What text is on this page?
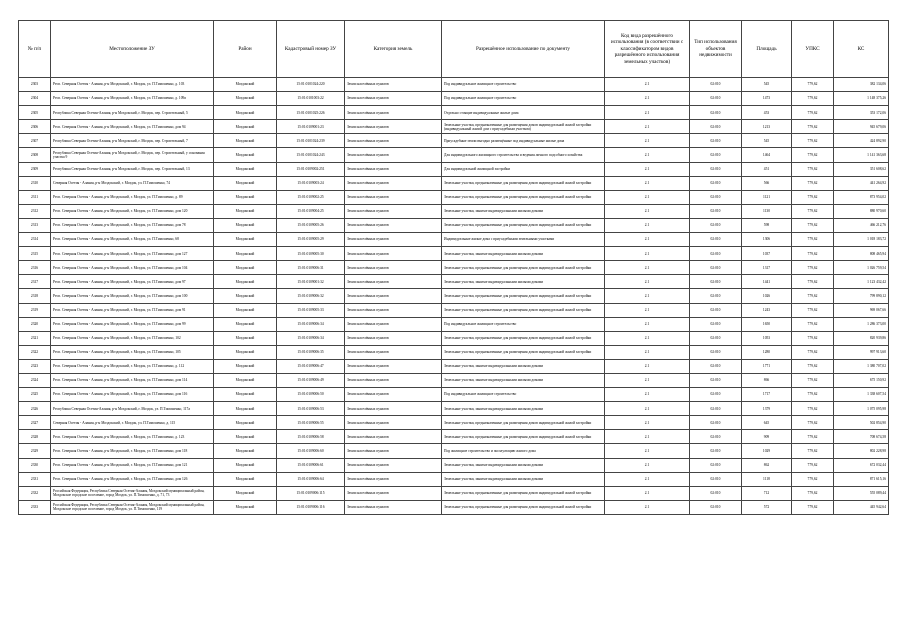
№ п/п	Местоположение ЗУ	Район	Кадастровый номер ЗУ	Категория земель	Разрешённое использование по документу	Код вида разрешённого использования (в соответствии с классификатором видов разрешённого использования земельных участков)	Тип использования объектов недвижимости	Площадь	УПКС	КС
2303	Респ. Северная Осетия - Алания, р-н Моздокский, г. Моздок, ул. П.Тимошенко, д. 103	Моздокский	15:01:0101024:220	Земли населённых пунктов	Под индивидуальное жилищное строительство	2.1	02:010	545	779,62	382 134,06
2304	Респ. Северная Осетия - Алания, р-н Моздокский, г. Моздок, ул. П.Тимошенко, д. 109а	Моздокский	15:01:0101003:22	Земли населённых пунктов	Под индивидуальное жилищное строительство	2.1	02:010	1473	779,62	1 148 375,26
2305	Республика Северная Осетия-Алания, р-н Моздокский, г. Моздок, пер. Строительный, 5	Моздокский	15:01:0101025:226	Земли населённых пунктов	Отдельно стоящие индивидуальные жилые дома	2.1	02:010	453	779,62	353 172,06
2306	Респ. Северная Осетия - Алания, р-н Моздокский, г. Моздок, ул. П.Тимошенко, дом 94	Моздокский	15:01:0109001:23	Земли населённых пунктов	Земельные участки, предназначенные для размещения домов индивидуальной жилой застройки (индивидуальный жилой дом с приусадебным участком)	2.1	02:010	1213	779,62	945 679,06
2307	Республика Северная Осетия-Алания, р-н Моздокский, г. Моздок, пер. Строительный, 7	Моздокский	15:01:0101024:239	Земли населённых пунктов	Приусадебные земли выгодно размещённые под индивидуальные жилые дома	2.1	02:010	545	779,62	424 892,90
2308	Республика Северная Осетия-Алания, р-н Моздокский, г. Моздок, пер. Строительный, у основания участка 9	Моздокский	15:01:0101024:243	Земли населённых пунктов	Для индивидуального жилищного строительства и ведения личного подсобного хозяйства	2.1	02:010	1464	779,62	1 141 363,68
2309	Республика Северная Осетия-Алания, р-н Моздокский, г. Моздок, пер. Строительный, 13	Моздокский	15:01:0109002:251	Земли населённых пунктов	Для индивидуальной жилищной застройки	2.1	02:010	451	779,62	351 608,62
2310	Северная Осетия - Алания, р-н Моздокский, г. Моздок, ул. П.Тимошенко, 74	Моздокский	15:01:0109003:24	Земли населённых пунктов	Земельные участки, предназначенные для размещения домов индивидуальной жилой застройки	2.1	02:010	566	779,62	441 264,92
2311	Респ. Северная Осетия - Алания, р-н Моздокский, г. Моздок, ул. П.Тимошенко, д. 89	Моздокский	15:01:0109002:25	Земли населённых пунктов	Земельные участки, предназначенные для размещения домов индивидуальной жилой застройки	2.1	02:010	1121	779,62	873 954,02
2312	Респ. Северная Осетия - Алания, р-н Моздокский, г. Моздок, ул. П.Тимошенко, дом 120	Моздокский	15:01:0109004:25	Земли населённых пунктов	Земельные участки, занятые индивидуальными жилыми домами	2.1	02:010	1130	779,62	880 970,60
2313	Респ. Северная Осетия - Алания, р-н Моздокский, г. Моздок, ул. П.Тимошенко, дом 78	Моздокский	15:01:0109005:26	Земли населённых пунктов	Земельные участки, предназначенные для размещения домов индивидуальной жилой застройки	2.1	02:010	598	779,62	466 212,76
2314	Респ. Северная Осетия - Алания, р-н Моздокский, г. Моздок, ул. П.Тимошенко, 68	Моздокский	15:01:0109005:29	Земли населённых пунктов	Индивидуальные жилые дома с приусадебными земельными участками	2.1	02:010	1306	779,62	1 018 183,72
2315	Респ. Северная Осетия - Алания, р-н Моздокский, г. Моздок, ул. П.Тимошенко, дом 127	Моздокский	15:01:0109005:30	Земли населённых пунктов	Земельные участки, занятые индивидуальными жилыми домами	2.1	02:010	1037	779,62	808 465,94
2316	Респ. Северная Осетия - Алания, р-н Моздокский, г. Моздок, ул. П.Тимошенко, дом 104	Моздокский	15:01:0109006:31	Земли населённых пунктов	Земельные участки, предназначенные для размещения домов индивидуальной жилой застройки	2.1	02:010	1317	779,62	1 026 759,54
2317	Респ. Северная Осетия - Алания, р-н Моздокский, г. Моздок, ул. П.Тимошенко, дом 97	Моздокский	15:01:0109001:32	Земли населённых пунктов	Земельные участки, занятые индивидуальными жилыми домами	2.1	02:010	1441	779,62	1 123 432,42
2318	Респ. Северная Осетия - Алания, р-н Моздокский, г. Моздок, ул. П.Тимошенко, дом 100	Моздокский	15:01:0109006:32	Земли населённых пунктов	Земельные участки, предназначенные для размещения домов индивидуальной жилой застройки	2.1	02:010	1026	779,62	799 890,12
2319	Респ. Северная Осетия - Алания, р-н Моздокский, г. Моздок, ул. П.Тимошенко, дом 91	Моздокский	15:01:0109005:33	Земли населённых пунктов	Земельные участки, предназначенные для размещения домов индивидуальной жилой застройки	2.1	02:010	1243	779,62	969 067,66
2320	Респ. Северная Осетия - Алания, р-н Моздокский, г. Моздок, ул. П.Тимошенко, дом 99	Моздокский	15:01:0109006:34	Земли населённых пунктов	Под индивидуальное жилищное строительство	2.1	02:010	1650	779,62	1 286 373,00
2321	Респ. Северная Осетия - Алания, р-н Моздокский, г. Моздок, ул. П.Тимошенко, 102	Моздокский	15:01:0109006:34	Земли населённых пунктов	Земельные участки, предназначенные для размещения домов индивидуальной жилой застройки	2.1	02:010	1053	779,62	820 939,86
2322	Респ. Северная Осетия - Алания, р-н Моздокский, г. Моздок, ул. П.Тимошенко, 105	Моздокский	15:01:0109006:35	Земли населённых пунктов	Земельные участки, предназначенные для размещения домов индивидуальной жилой застройки	2.1	02:010	1280	779,62	997 913,60
2323	Респ. Северная Осетия - Алания, р-н Моздокский, г. Моздок, ул. П.Тимошенко, д. 112	Моздокский	15:01:0109006:47	Земли населённых пунктов	Земельные участки, занятые индивидуальными жилыми домами	2.1	02:010	1771	779,62	1 380 707,02
2324	Респ. Северная Осетия - Алания, р-н Моздокский, г. Моздок, ул. П.Тимошенко, дом 114	Моздокский	15:01:0109006:49	Земли населённых пунктов	Земельные участки, занятые индивидуальными жилыми домами	2.1	02:010	866	779,62	675 150,92
2325	Респ. Северная Осетия - Алания, р-н Моздокский, г. Моздок, ул. П.Тимошенко, дом 116	Моздокский	15:01:0109006:50	Земли населённых пунктов	Под индивидуальное жилищное строительство	2.1	02:010	1717	779,62	1 338 607,54
2326	Республика Северная Осетия-Алания, р-н Моздокский, г. Моздок, ул. П.Тимошенко, 117а	Моздокский	15:01:0109006:53	Земли населённых пунктов	Земельные участки, занятые индивидуальными жилыми домами	2.1	02:010	1379	779,62	1 075 095,98
2327	Северная Осетия - Алания, р-н Моздокский, г. Моздок, ул. П.Тимошенко, д. 115	Моздокский	15:01:0109006:55	Земли населённых пунктов	Земельные участки, предназначенные для размещения домов индивидуальной жилой застройки	2.1	02:010	645	779,62	502 854,90
2328	Респ. Северная Осетия - Алания, р-н Моздокский, г. Моздок, ул. П.Тимошенко, д. 123	Моздокский	15:01:0109006:58	Земли населённых пунктов	Земельные участки, предназначенные для размещения домов индивидуальной жилой застройки	2.1	02:010	909	779,62	708 674,58
2329	Респ. Северная Осетия - Алания, р-н Моздокский, г. Моздок, ул. П.Тимошенко, дом 118	Моздокский	15:01:0109006:60	Земли населённых пунктов	Под жилищное строительство и эксплуатацию жилого дома	2.1	02:010	1029	779,62	802 228,98
2330	Респ. Северная Осетия - Алания, р-н Моздокский, г. Моздок, ул. П.Тимошенко, дом 121	Моздокский	15:01:0109006:61	Земли населённых пунктов	Земельные участки, занятые индивидуальными жилыми домами	2.1	02:010	862	779,62	672 032,44
2331	Респ. Северная Осетия - Алания, р-н Моздокский, г. Моздок, ул. П.Тимошенко, дом 126	Моздокский	15:01:0109006:64	Земли населённых пунктов	Земельные участки, занятые индивидуальными жилыми домами	2.1	02:010	1118	779,62	871 615,16
2332	Российская Федерация, Республика Северная Осетия-Алания, Моздокский муниципальный район, Моздокское городское поселение, город Моздок, ул. П.Тимошенко, д. 71, 73	Моздокский	15:01:0109006:115	Земли населённых пунктов	Земельные участки, предназначенные для размещения домов индивидуальной жилой застройки	2.1	02:010	712	779,62	555 089,44
2333	Российская Федерация, Республика Северная Осетия-Алания, Моздокский муниципальный район, Моздокское городское поселение, город Моздок, ул. П.Тимошенко, 119	Моздокский	15:01:0109006:116	Земли населённых пунктов	Земельные участки, предназначенные для размещения домов индивидуальной жилой застройки	2.1	02:010	572	779,62	445 942,64
